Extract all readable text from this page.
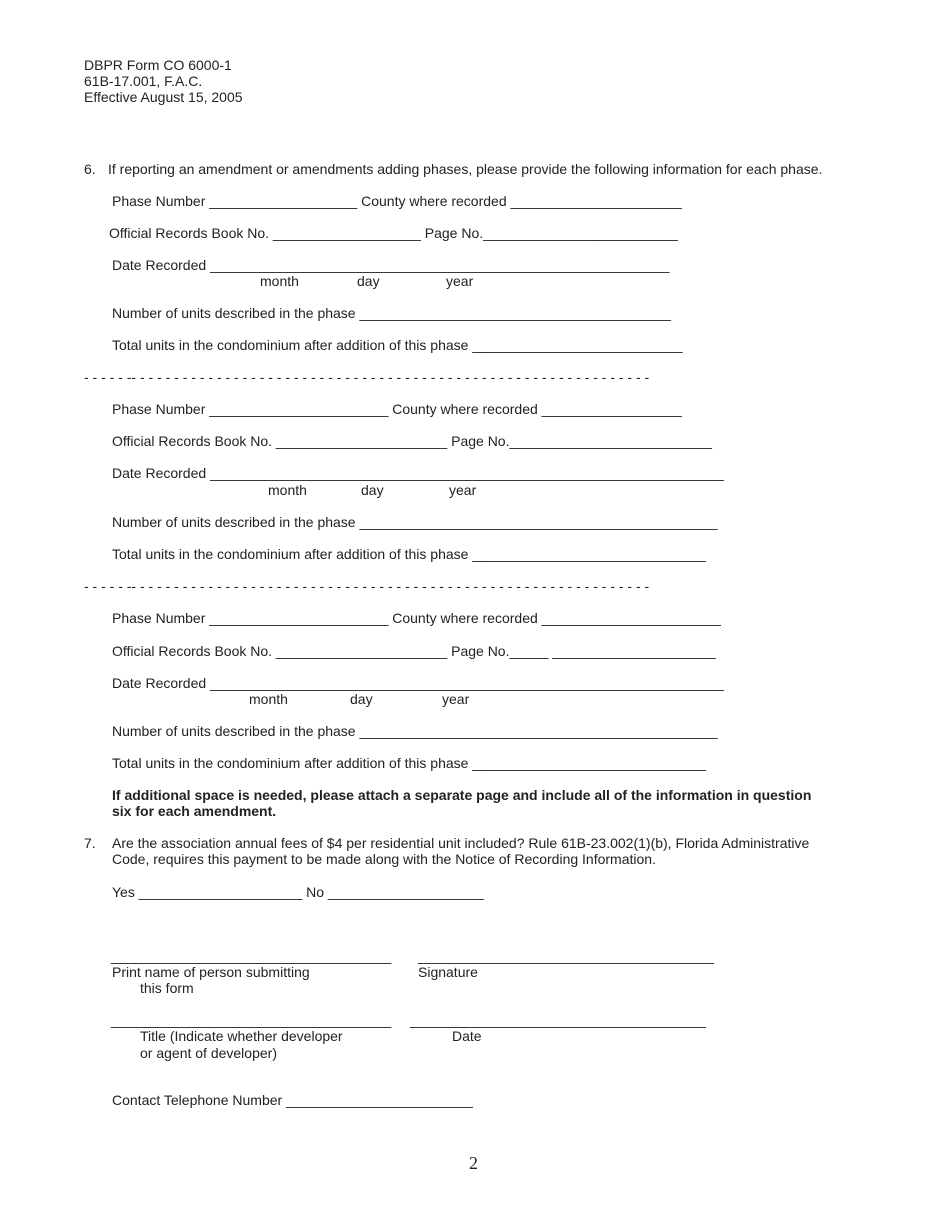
DBPR Form CO 6000-1
61B-17.001, F.A.C.
Effective August 15, 2005
6. If reporting an amendment or amendments adding phases, please provide the following information for each phase.
Phase Number ___________________ County where recorded ______________________
Official Records Book No. ___________________ Page No._________________________
Date Recorded ___________________________________________________________
month	day	year
Number of units described in the phase ________________________________________
Total units in the condominium after addition of this phase ___________________________
- - - - - -- - - - - - - - - - - - - - - - - - - - - - - - - - - - - - - - - - - - - - - - - - - - - - - - - - - - - - - - - - - - -
Phase Number _______________________ County where recorded __________________
Official Records Book No. ______________________ Page No.__________________________
Date Recorded __________________________________________________________________
month	day	year
Number of units described in the phase ______________________________________________
Total units in the condominium after addition of this phase ______________________________
- - - - - -- - - - - - - - - - - - - - - - - - - - - - - - - - - - - - - - - - - - - - - - - - - - - - - - - - - - - - - - - - - - -
Phase Number _______________________ County where recorded _______________________
Official Records Book No. ______________________ Page No._____ _____________________
Date Recorded __________________________________________________________________
month	day	year
Number of units described in the phase ______________________________________________
Total units in the condominium after addition of this phase ______________________________
If additional space is needed, please attach a separate page and include all of the information in question
six for each amendment.
7. Are the association annual fees of $4 per residential unit included? Rule 61B-23.002(1)(b), Florida Administrative
Code, requires this payment to be made along with the Notice of Recording Information.
Yes _____________________ No ____________________
____________________________________
Print name of person submitting
this form
______________________________________
Signature
____________________________________
Title (Indicate whether developer
or agent of developer)
______________________________________
Date
Contact Telephone Number ________________________
2
